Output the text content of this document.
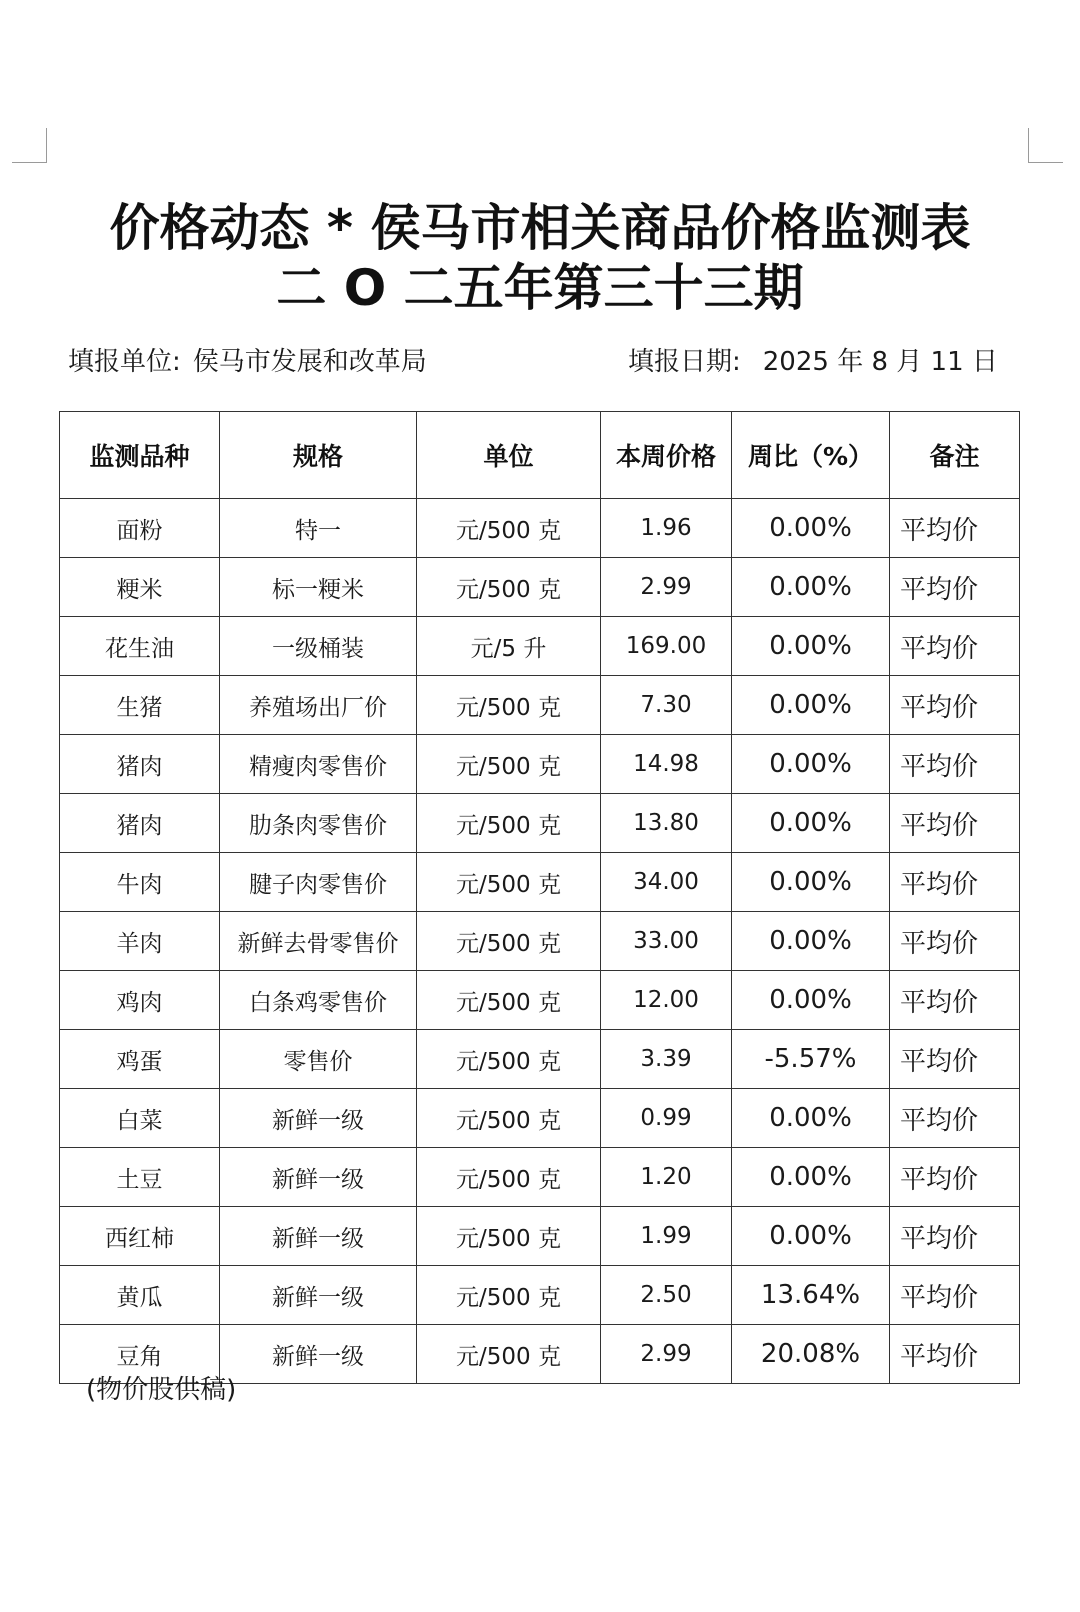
价格动态 * 侯马市相关商品价格监测表
二 O 二五年第三十三期
填报单位: 侯马市发展和改革局	填报日期: 2025 年 8 月 11 日
监测品种	规格	单位	本周价格	周比（%）	备注
面粉	特一	元/500 克	1.96	0.00%	平均价
粳米	标一粳米	元/500 克	2.99	0.00%	平均价
花生油	一级桶装	元/5 升	169.00	0.00%	平均价
生猪	养殖场出厂价	元/500 克	7.30	0.00%	平均价
猪肉	精瘦肉零售价	元/500 克	14.98	0.00%	平均价
猪肉	肋条肉零售价	元/500 克	13.80	0.00%	平均价
牛肉	腱子肉零售价	元/500 克	34.00	0.00%	平均价
羊肉	新鲜去骨零售价	元/500 克	33.00	0.00%	平均价
鸡肉	白条鸡零售价	元/500 克	12.00	0.00%	平均价
鸡蛋	零售价	元/500 克	3.39	-5.57%	平均价
白菜	新鲜一级	元/500 克	0.99	0.00%	平均价
土豆	新鲜一级	元/500 克	1.20	0.00%	平均价
西红柿	新鲜一级	元/500 克	1.99	0.00%	平均价
黄瓜	新鲜一级	元/500 克	2.50	13.64%	平均价
豆角	新鲜一级	元/500 克	2.99	20.08%	平均价
(物价股供稿)
